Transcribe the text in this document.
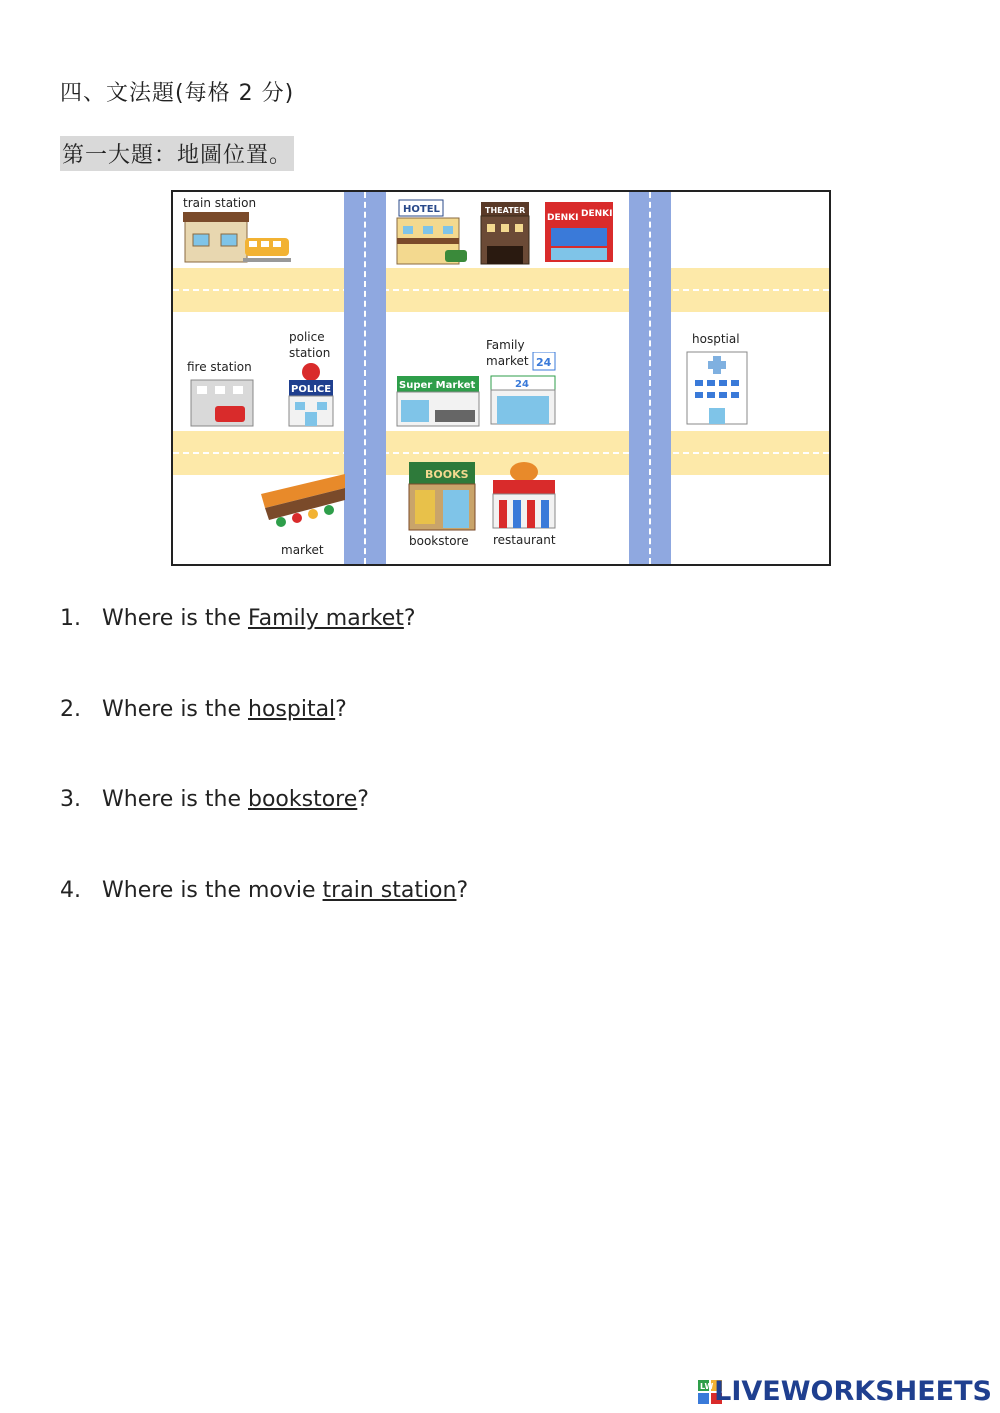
四、文法題(每格 2 分)
第一大題：地圖位置。
train station	HOTEL	THEATER
DENKI DENKI
police
station
POLICE
fire station
Super Market
Family
market 24
24
hosptial
market
BOOKS
bookstore restaurant
1. Where is the Family market?
2. Where is the hospital?
3. Where is the bookstore?
4. Where is the movie train station?
LW LIVEWORKSHEETS
